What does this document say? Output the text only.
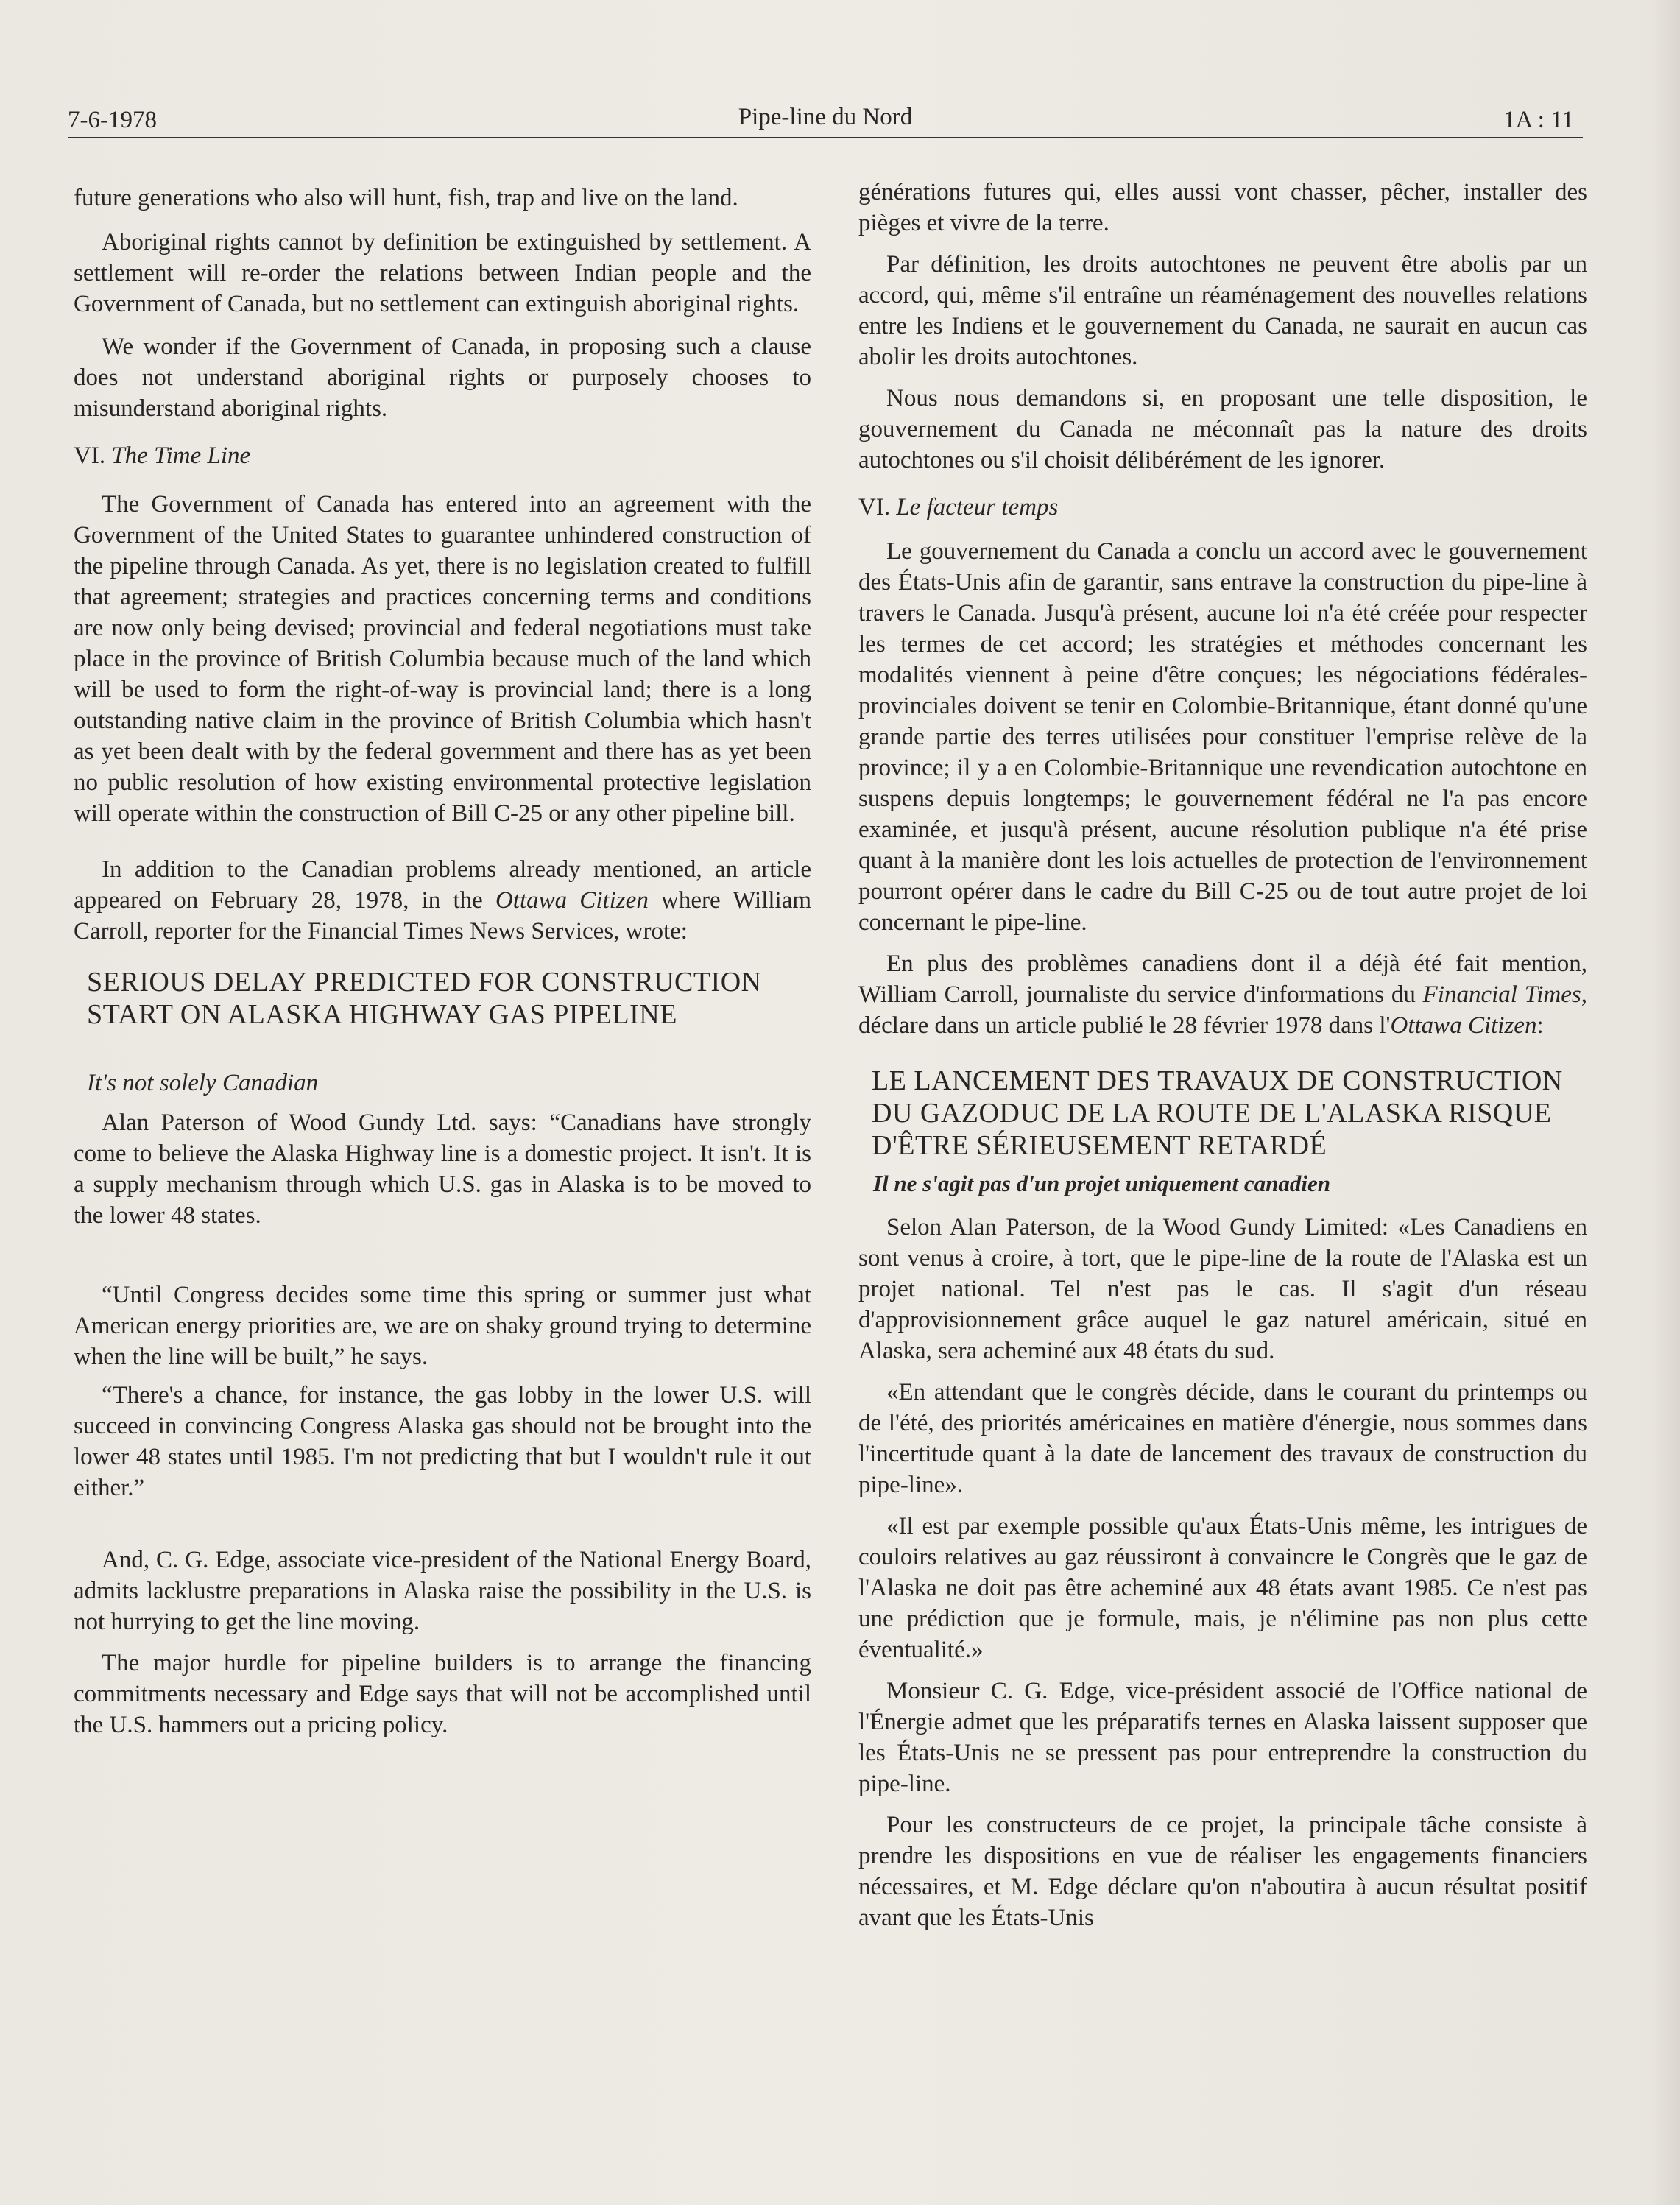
7-6-1978	Pipe-line du Nord	1A : 11

future generations who also will hunt, fish, trap and live on the land.

Aboriginal rights cannot by definition be extinguished by settlement. A settlement will re-order the relations between Indian people and the Government of Canada, but no settlement can extinguish aboriginal rights.

We wonder if the Government of Canada, in proposing such a clause does not understand aboriginal rights or purposely chooses to misunderstand aboriginal rights.

VI. The Time Line

The Government of Canada has entered into an agreement with the Government of the United States to guarantee unhindered construction of the pipeline through Canada. As yet, there is no legislation created to fulfill that agreement; strategies and practices concerning terms and conditions are now only being devised; provincial and federal negotiations must take place in the province of British Columbia because much of the land which will be used to form the right-of-way is provincial land; there is a long outstanding native claim in the province of British Columbia which hasn't as yet been dealt with by the federal government and there has as yet been no public resolution of how existing environmental protective legislation will operate within the construction of Bill C-25 or any other pipeline bill.

In addition to the Canadian problems already mentioned, an article appeared on February 28, 1978, in the Ottawa Citizen where William Carroll, reporter for the Financial Times News Services, wrote:

SERIOUS DELAY PREDICTED FOR CONSTRUCTION START ON ALASKA HIGHWAY GAS PIPELINE

It's not solely Canadian

Alan Paterson of Wood Gundy Ltd. says: “Canadians have strongly come to believe the Alaska Highway line is a domestic project. It isn't. It is a supply mechanism through which U.S. gas in Alaska is to be moved to the lower 48 states.

“Until Congress decides some time this spring or summer just what American energy priorities are, we are on shaky ground trying to determine when the line will be built,” he says.

“There's a chance, for instance, the gas lobby in the lower U.S. will succeed in convincing Congress Alaska gas should not be brought into the lower 48 states until 1985. I'm not predicting that but I wouldn't rule it out either.”

And, C. G. Edge, associate vice-president of the National Energy Board, admits lacklustre preparations in Alaska raise the possibility in the U.S. is not hurrying to get the line moving.

The major hurdle for pipeline builders is to arrange the financing commitments necessary and Edge says that will not be accomplished until the U.S. hammers out a pricing policy.

générations futures qui, elles aussi vont chasser, pêcher, installer des pièges et vivre de la terre.

Par définition, les droits autochtones ne peuvent être abolis par un accord, qui, même s'il entraîne un réaménagement des nouvelles relations entre les Indiens et le gouvernement du Canada, ne saurait en aucun cas abolir les droits autochtones.

Nous nous demandons si, en proposant une telle disposition, le gouvernement du Canada ne méconnaît pas la nature des droits autochtones ou s'il choisit délibérément de les ignorer.

VI. Le facteur temps

Le gouvernement du Canada a conclu un accord avec le gouvernement des États-Unis afin de garantir, sans entrave la construction du pipe-line à travers le Canada. Jusqu'à présent, aucune loi n'a été créée pour respecter les termes de cet accord; les stratégies et méthodes concernant les modalités viennent à peine d'être conçues; les négociations fédérales-provinciales doivent se tenir en Colombie-Britannique, étant donné qu'une grande partie des terres utilisées pour constituer l'emprise relève de la province; il y a en Colombie-Britannique une revendication autochtone en suspens depuis longtemps; le gouvernement fédéral ne l'a pas encore examinée, et jusqu'à présent, aucune résolution publique n'a été prise quant à la manière dont les lois actuelles de protection de l'environnement pourront opérer dans le cadre du Bill C-25 ou de tout autre projet de loi concernant le pipe-line.

En plus des problèmes canadiens dont il a déjà été fait mention, William Carroll, journaliste du service d'informations du Financial Times, déclare dans un article publié le 28 février 1978 dans l'Ottawa Citizen:

LE LANCEMENT DES TRAVAUX DE CONSTRUCTION DU GAZODUC DE LA ROUTE DE L'ALASKA RISQUE D'ÊTRE SÉRIEUSEMENT RETARDÉ

Il ne s'agit pas d'un projet uniquement canadien

Selon Alan Paterson, de la Wood Gundy Limited: «Les Canadiens en sont venus à croire, à tort, que le pipe-line de la route de l'Alaska est un projet national. Tel n'est pas le cas. Il s'agit d'un réseau d'approvisionnement grâce auquel le gaz naturel américain, situé en Alaska, sera acheminé aux 48 états du sud.

«En attendant que le congrès décide, dans le courant du printemps ou de l'été, des priorités américaines en matière d'énergie, nous sommes dans l'incertitude quant à la date de lancement des travaux de construction du pipe-line».

«Il est par exemple possible qu'aux États-Unis même, les intrigues de couloirs relatives au gaz réussiront à convaincre le Congrès que le gaz de l'Alaska ne doit pas être acheminé aux 48 états avant 1985. Ce n'est pas une prédiction que je formule, mais, je n'élimine pas non plus cette éventualité.»

Monsieur C. G. Edge, vice-président associé de l'Office national de l'Énergie admet que les préparatifs ternes en Alaska laissent supposer que les États-Unis ne se pressent pas pour entreprendre la construction du pipe-line.

Pour les constructeurs de ce projet, la principale tâche consiste à prendre les dispositions en vue de réaliser les engagements financiers nécessaires, et M. Edge déclare qu'on n'aboutira à aucun résultat positif avant que les États-Unis
